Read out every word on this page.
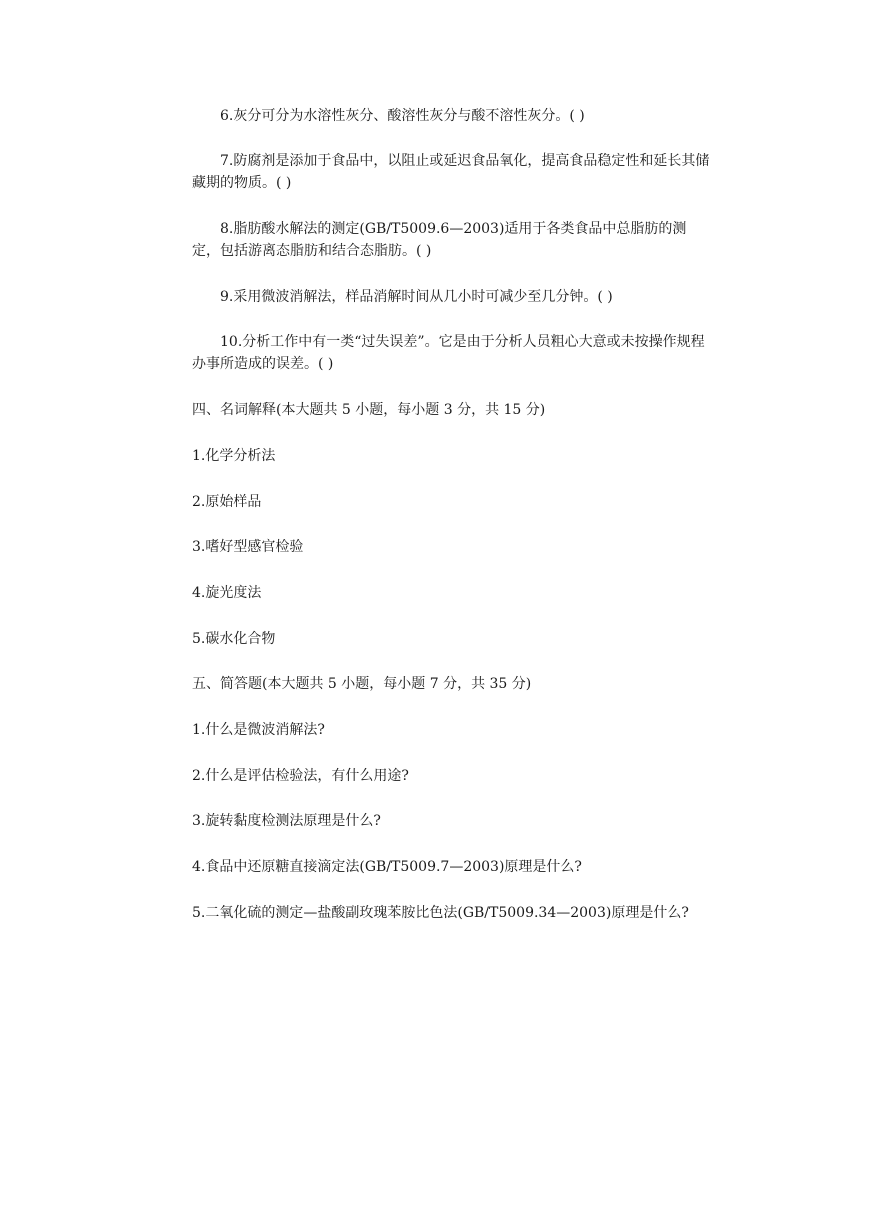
6.灰分可分为水溶性灰分、酸溶性灰分与酸不溶性灰分。( )

7.防腐剂是添加于食品中，以阻止或延迟食品氧化，提高食品稳定性和延长其储藏期的物质。( )

8.脂肪酸水解法的测定(GB/T5009.6—2003)适用于各类食品中总脂肪的测定，包括游离态脂肪和结合态脂肪。( )

9.采用微波消解法，样品消解时间从几小时可减少至几分钟。( )

10.分析工作中有一类“过失误差”。它是由于分析人员粗心大意或未按操作规程办事所造成的误差。( )

四、名词解释(本大题共 5 小题，每小题 3 分，共 15 分)

1.化学分析法

2.原始样品

3.嗜好型感官检验

4.旋光度法

5.碳水化合物

五、简答题(本大题共 5 小题，每小题 7 分，共 35 分)

1.什么是微波消解法?

2.什么是评估检验法，有什么用途?

3.旋转黏度检测法原理是什么?

4.食品中还原糖直接滴定法(GB/T5009.7—2003)原理是什么?

5.二氧化硫的测定—盐酸副玫瑰苯胺比色法(GB/T5009.34—2003)原理是什么?
